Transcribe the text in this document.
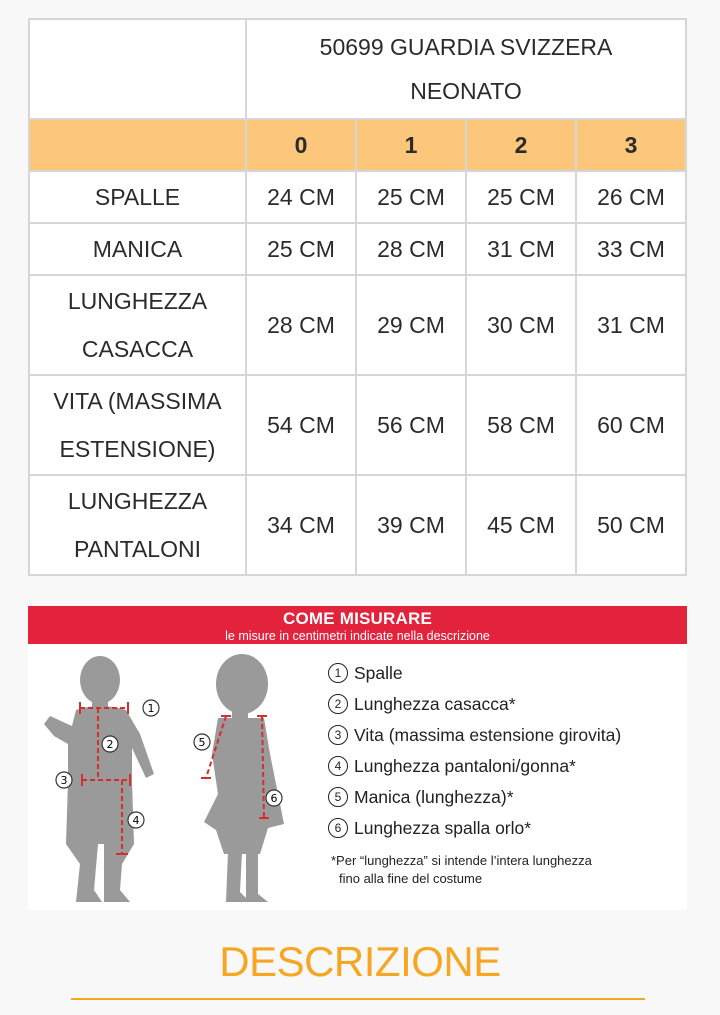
	50699 GUARDIA SVIZZERA
NEONATO			

	0	1	2	3
SPALLE	24 CM	25 CM	25 CM	26 CM
MANICA	25 CM	28 CM	31 CM	33 CM

LUNGHEZZA
CASACCA	28 CM	29 CM	30 CM	31 CM

VITA (MASSIMA
ESTENSIONE)	54 CM	56 CM	58 CM	60 CM

LUNGHEZZA
PANTALONI	34 CM	39 CM	45 CM	50 CM
COME MISURARE
le misure in centimetri indicate nella descrizione
1
2
3
4
5
6
1 Spalle
2 Lunghezza casacca*
3 Vita (massima estensione girovita)
4 Lunghezza pantaloni/gonna*
5 Manica (lunghezza)*
6 Lunghezza spalla orlo*
*Per “lunghezza” si intende l’intera lunghezza
fino alla fine del costume
DESCRIZIONE
